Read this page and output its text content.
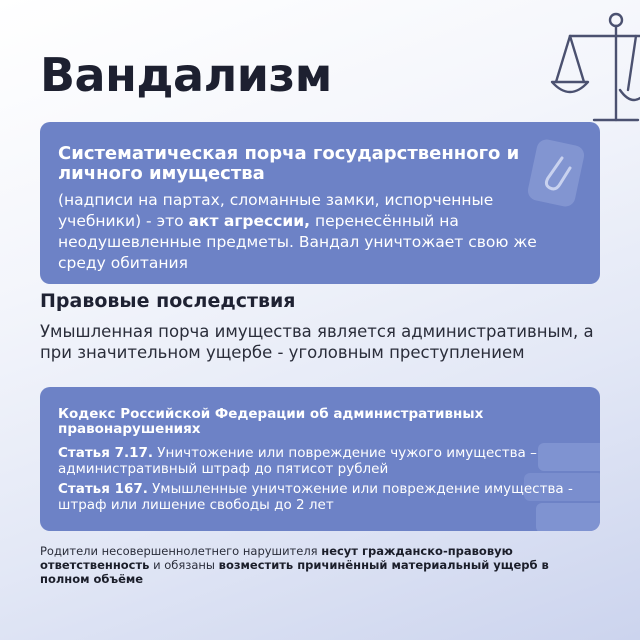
Вандализм
Систематическая порча государственного и личного имущества

(надписи на партах, сломанные замки, испорченные учебники) - это акт агрессии, перенесённый на неодушевленные предметы. Вандал уничтожает свою же среду обитания

Правовые последствия

Умышленная порча имущества является административным, а при значительном ущербе - уголовным преступлением

Кодекс Российской Федерации об административных правонарушениях

Статья 7.17. Уничтожение или повреждение чужого имущества – административный штраф до пятисот рублей

Статья 167. Умышленные уничтожение или повреждение имущества - штраф или лишение свободы до 2 лет

Родители несовершеннолетнего нарушителя несут гражданско-правовую ответственность и обязаны возместить причинённый материальный ущерб в полном объёме
